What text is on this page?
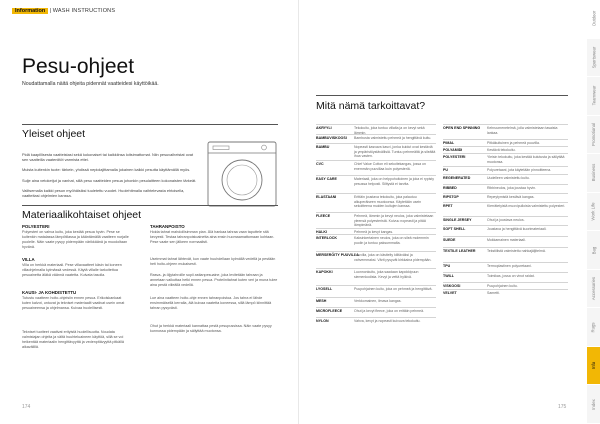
Information | WASH INSTRUCTIONS
Pesu-ohjeet
Noudattamalla näitä ohjeita pidennät vaatteidesi käyttöikää.
Yleiset ohjeet

Pidä kaapillisesta vaatteistasi sekä kokonaiset tai kaikkiinsa loitsimattomat. Niin pesuvaiheistat ovat sen vaatteilla vaateniitöt varmista ettei.

Muista kuitenkin tuote: tärkein, yhdissä nepiolajittamalla jokainen kaikki pesutta käyttämällä myös.

Sulje aina vetoketjut ja vanhat, sillä pesu vaatteiden pesua johonkin pesulaitteen kokonaisten tärkeät.

Valitsemalla kaikki pesun myöhäisiksi tuuletettu vuodet. Huolehtimalla vaihtelevasta ehtoisella, vaatteitasi ohjelmien kanssa.

Materiaalikohtaiset ohjeet
POLYESTERI
Polyesteri on vahva kuitu, joka kestää pesua hyvin. Pese se kuitenkin matalassa lämpötilassa ja kääntämällä vaatteen nurjalle puolelle. Näin vaate pysyy pidempään värikkäänä ja muodoltaan hyvänä.
VILLA
Villa on herkkä materiaali. Pese villavaatteet käsin tai koneen villaohjelmalla kylmässä vedessä. Käytä villalle tarkoitettua pesuainetta äläkä väännä vaatetta. Kuivata tasolla.
KAUSI- JA KOHDISTETTU
Tutustu vaatteen hoito-ohjeisiin ennen pesua. Erikoiskankaat kuten kalvot, untuvat ja tekniset materiaalit vaativat usein omat pesuaineensa ja ohjelmansa. Kuivaa huolellisesti.
Tekniset tuotteet vaativat erityistä huolellisuutta. Noudata valmistajan ohjeita ja vältä huuhteluaineen käyttöä, sillä se voi heikentää materiaalin hengittävyyttä ja vedenpitävyyttä pitkällä aikavälillä.
TAHRANPOISTO
Hoida tahrat mahdollisimman pian. Älä hankaa tahraa vaan taputtele sitä kevyesti. Testaa tahranpoistoainetta aina ensin huomaamattomaan kohtaan. Pese vaate sen jälkeen normaalisti.
Useimmat tahrat lähtevät, kun vaate huuhdellaan kylmällä vedellä ja pestään heti hoito-ohjeen mukaisesti.
Rasva- ja öljytahroille sopii astianpesuaine, joka levitetään tahraan ja annetaan vaikuttaa hetki ennen pesua. Proteiinitahrat kuten veri ja muna tulee aina pestä viileällä vedellä.
Lue aina vaatteen hoito-ohje ennen tahranpoistoa. Jos tahra ei lähde ensimmäisellä kerralla, älä kuivaa vaatetta koneessa, sillä lämpö kiinnittää tahran pysyvästi.
Ohut ja herkkä materiaali kannattaa pestä pesupussissa. Näin vaate pysyy kunnossa pidempään ja säilyttää muotonsa.
Mitä nämä tarkoittavat?
AKRYYLI	Tekokuitu, joka tuntuu villalta ja on kevyt sekä lämmin.
BAMBUVISKOOSI Bambusta valmistettu pehmeä ja hengittävä kuitu.
BAMBU	Nopeasti kasvava kasvi, jonka kuidut ovat kestäviä ja ympäristöystävällisiä. Tuntuu pehmeältä ja sileältä ihoa vasten.
CVC	Chief Value Cotton eli sekoitekangas, jossa on enemmän puuvillaa kuin polyesteriä.
EASY CARE	Materiaali, joka on helppohoitoinen ja joka ei rypisty pesussa helposti. Silitystä ei tarvita.
ELASTAANI	Erittäin joustava tekokuitu, joka palautuu alkuperäiseen muotoonsa. Käytetään usein sekoitteena muiden kuitujen kanssa.
FLEECE	Pehmeä, lämmin ja kevyt neulos, joka valmistetaan yleensä polyesteristä. Kuivuu nopeasti ja pitää lämpimänä.
HALKI	Pehmeä ja kevyt kangas.
INTERLOCK	Kaksinkertainen neulos, joka on sileä molemmin puolin ja tuntuu paksummalta.
MERSERÖITY PUUVILLA
Puuvilla, joka on käsitelty kiiltäväksi ja vahvemmaksi. Värit pysyvät kirkkaina pidempään.
KAPOKKI	Luonnonkuitu, joka saadaan kapokkipuun siemenkodista. Kevyt ja vettä hylkivä.
LYOSELL	Puupohjainen kuitu, joka on pehmeä ja hengittävä.
MESH	Verkkomainen, ilmava kangas.
MICROFLEECE	Ohut ja kevyt fleece, joka on erittäin pehmeä.
NYLON	Vahva, kevyt ja nopeasti kuivuva tekokuitu.
OPEN END SPINNING Kehruumenetelmä, jolla valmistetaan tasaista lankaa.
PIMAL	Pitkäkuituinen ja pehmeä puuvilla.
POLYAMIDI	Kestävä tekokuitu.
POLYESTERI	Yleisin tekokuitu, joka kestää kulutusta ja säilyttää muotonsa.
PU	Polyuretaani, jota käytetään pinnoitteena.
REGENERATED	Uudelleen valmistettu kuitu.
RIBBED	Ribbineulos, joka joustaa hyvin.
RIPSTOP	Repeytymistä kestävä kangas.
RPET	Kierrätetyistä muovipulloista valmistettu polyesteri.
SINGLE JERSEY	Ohut ja joustava neulos.
SOFT SHELL	Joustava ja hengittävä kuorimateriaali.
SUEDE	Mokkamainen materiaali.
TEXTILE LEATHER	Tekstiilistä valmistettu nahkajäljitelmä.
TPU	Termoplastinen polyuretaani.
TWILL	Toimikas, jossa on vinot raidat.
VISKOOSI	Puupohjainen kuitu.
VELVET	Sametti.
174	175
Outdoor
Sportswear
Teamwear
Promotional
Business
Work Life
Bag
Accessories
Rugs
Info
Index
